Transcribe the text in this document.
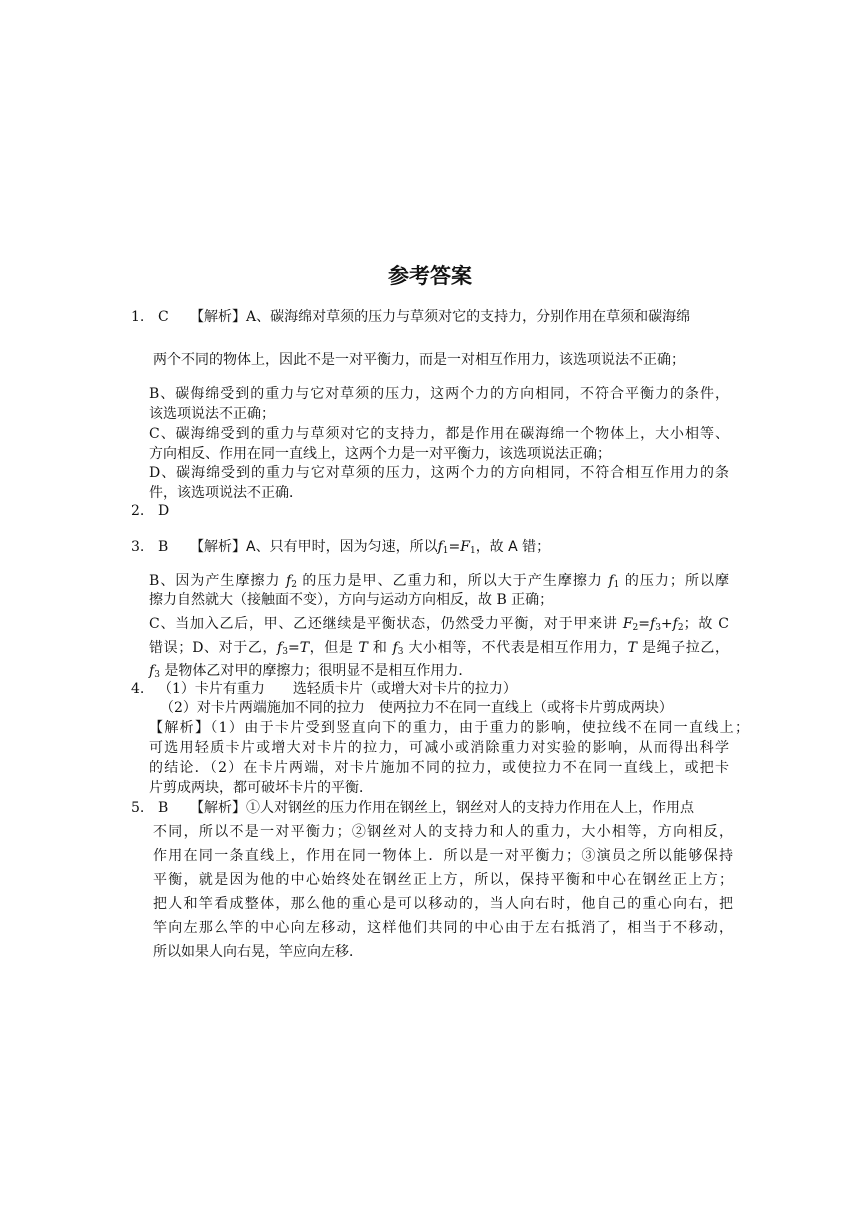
参考答案
1. C 【解析】A、碳海绵对草须的压力与草须对它的支持力，分别作用在草须和碳海绵
两个不同的物体上，因此不是一对平衡力，而是一对相互作用力，该选项说法不正确；
B、碳侮绵受到的重力与它对草须的压力，这两个力的方向相同，不符合平衡力的条件，
该选项说法不正确；
C、碳海绵受到的重力与草须对它的支持力，都是作用在碳海绵一个物体上，大小相等、
方向相反、作用在同一直线上，这两个力是一对平衡力，该选项说法正确；
D、碳海绵受到的重力与它对草须的压力，这两个力的方向相同，不符合相互作用力的条
件，该选项说法不正确．
2. D
3. B 【解析】A、只有甲时，因为匀速，所以$f_1=F_1$，故 A 错；
B、因为产生摩擦力 $f_2$ 的压力是甲、乙重力和，所以大于产生摩擦力 $f_1$ 的压力；所以摩
擦力自然就大（接触面不变），方向与运动方向相反，故 B 正确；
C、当加入乙后，甲、乙还继续是平衡状态，仍然受力平衡，对于甲来讲 $F_2=f_3+f_2$；故 C
错误；D、对于乙，$f_3=T$，但是 T 和 $f_3$ 大小相等，不代表是相互作用力，T 是绳子拉乙，
$f_3$ 是物体乙对甲的摩擦力；很明显不是相互作用力．
4. （1）卡片有重力　　选轻质卡片（或增大对卡片的拉力）
（2）对卡片两端施加不同的拉力　使两拉力不在同一直线上（或将卡片剪成两块）
【解析】（1）由于卡片受到竖直向下的重力，由于重力的影响，使拉线不在同一直线上；
可选用轻质卡片或增大对卡片的拉力，可减小或消除重力对实验的影响，从而得出科学
的结论．（2）在卡片两端，对卡片施加不同的拉力，或使拉力不在同一直线上，或把卡
片剪成两块，都可破坏卡片的平衡．
5. B 【解析】①人对钢丝的压力作用在钢丝上，钢丝对人的支持力作用在人上，作用点
不同，所以不是一对平衡力；②钢丝对人的支持力和人的重力，大小相等，方向相反，
作用在同一条直线上，作用在同一物体上．所以是一对平衡力；③演员之所以能够保持
平衡，就是因为他的中心始终处在钢丝正上方，所以，保持平衡和中心在钢丝正上方；
把人和竿看成整体，那么他的重心是可以移动的，当人向右时，他自己的重心向右，把
竿向左那么竿的中心向左移动，这样他们共同的中心由于左右抵消了，相当于不移动，
所以如果人向右晃，竿应向左移．
